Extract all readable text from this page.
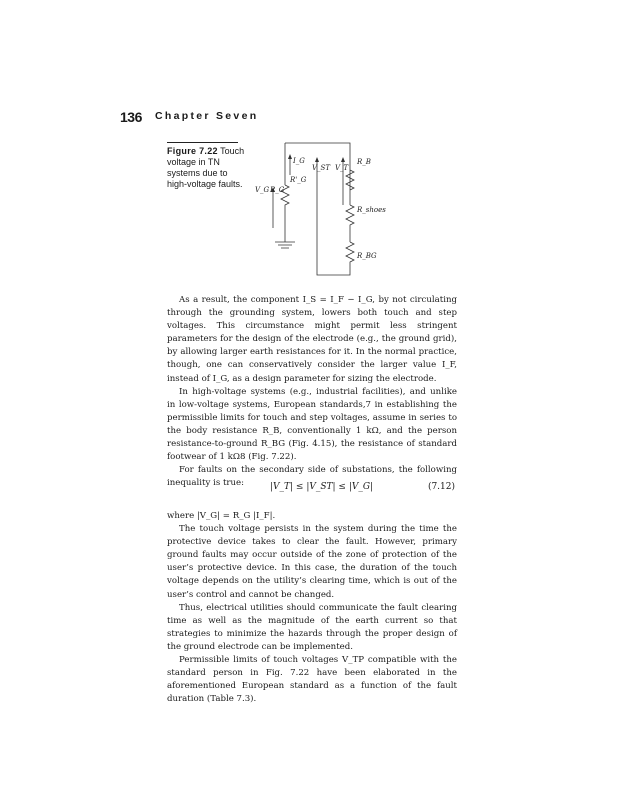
136 Chapter Seven
Figure 7.22 Touch voltage in TN systems due to high-voltage faults.
I_G
V_ST V_T
R_B
R'_G
V_G R_G
R_shoes
R_BG

As a result, the component I_S = I_F − I_G, by not circulating through the grounding system, lowers both touch and step voltages. This circumstance might permit less stringent parameters for the design of the electrode (e.g., the ground grid), by allowing larger earth resistances for it. In the normal practice, though, one can conservatively consider the larger value I_F, instead of I_G, as a design parameter for sizing the electrode.

In high-voltage systems (e.g., industrial facilities), and unlike in low-voltage systems, European standards,7 in establishing the permissible limits for touch and step voltages, assume in series to the body resistance R_B, conventionally 1 kΩ, and the person resistance-to-ground R_BG (Fig. 4.15), the resistance of standard footwear of 1 kΩ8 (Fig. 7.22).

For faults on the secondary side of substations, the following inequality is true:	|V_T| ≤ |V_ST| ≤ |V_G|	(7.12)

where |V_G| = R_G |I_F|.

The touch voltage persists in the system during the time the protective device takes to clear the fault. However, primary ground faults may occur outside of the zone of protection of the user’s protective device. In this case, the duration of the touch voltage depends on the utility’s clearing time, which is out of the user’s control and cannot be changed.

Thus, electrical utilities should communicate the fault clearing time as well as the magnitude of the earth current so that strategies to minimize the hazards through the proper design of the ground electrode can be implemented.

Permissible limits of touch voltages V_TP compatible with the standard person in Fig. 7.22 have been elaborated in the aforementioned European standard as a function of the fault duration (Table 7.3).
